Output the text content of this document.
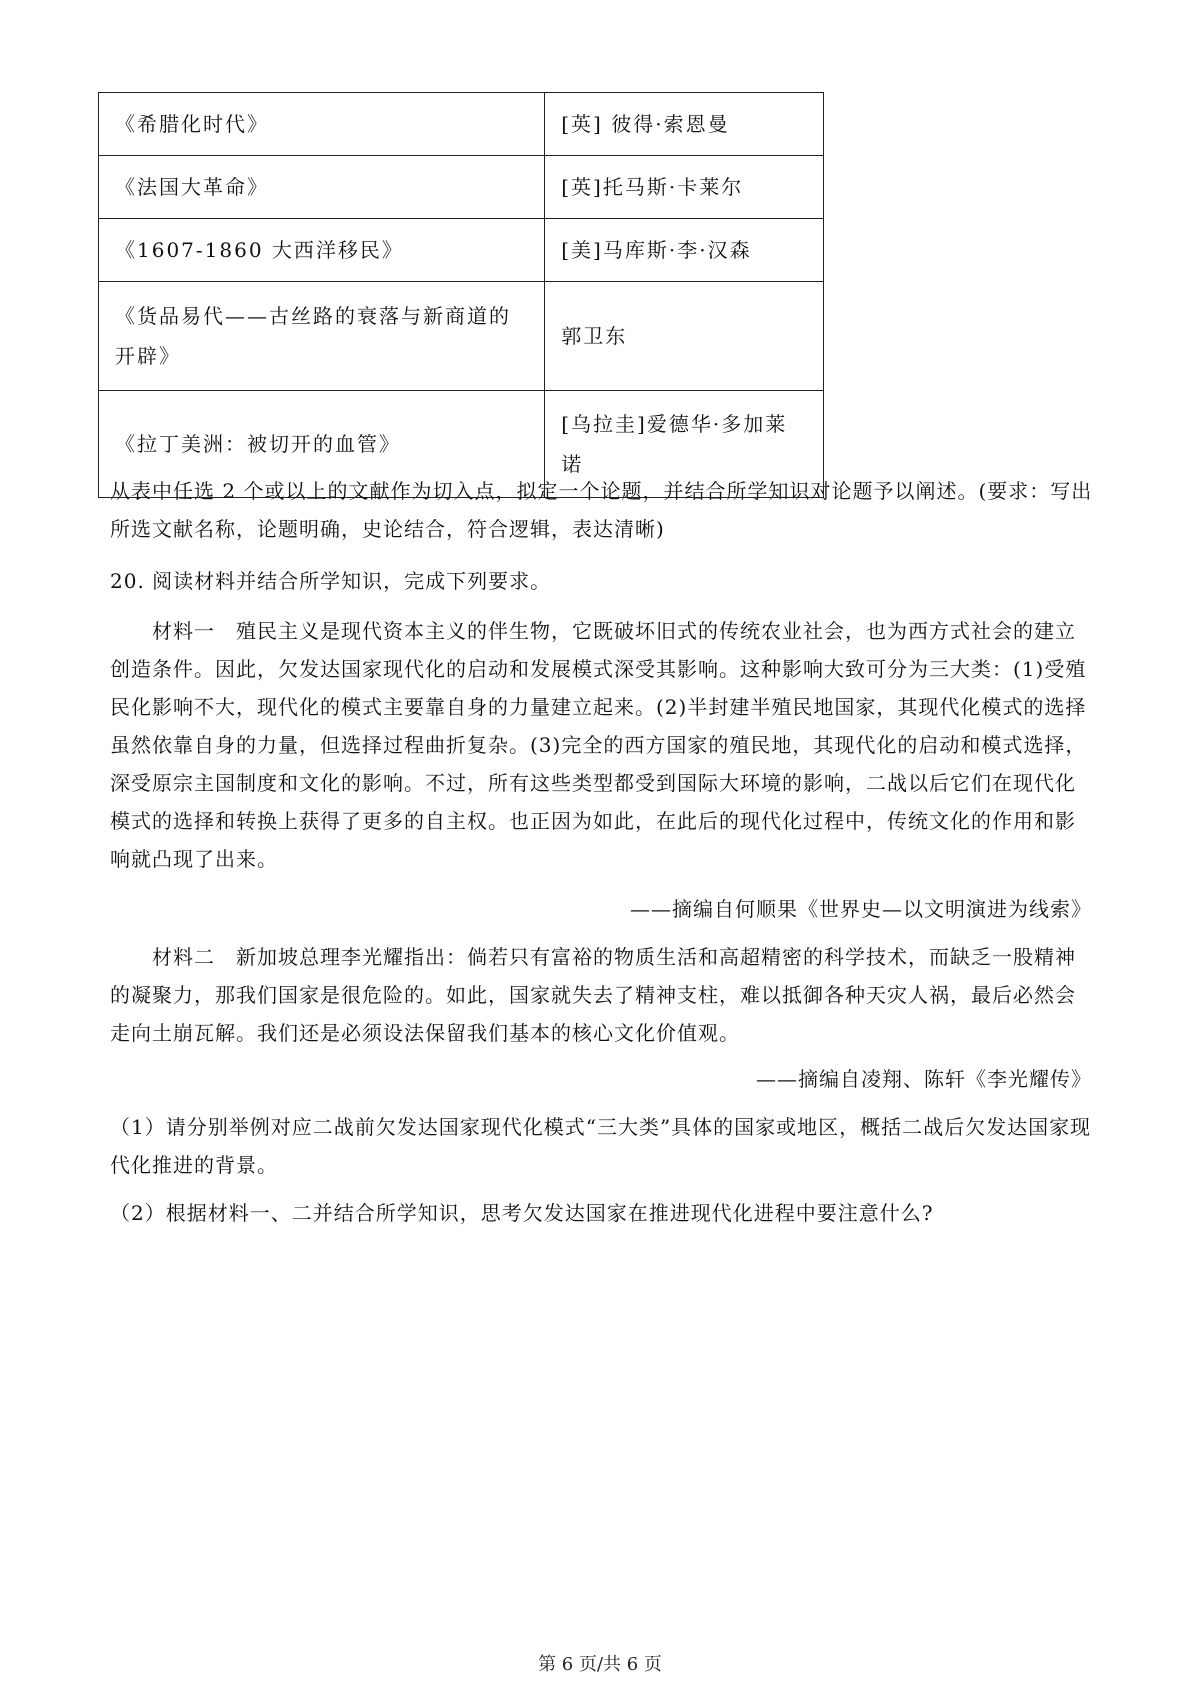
《希腊化时代》	[英] 彼得·索恩曼
《法国大革命》	[英]托马斯·卡莱尔
《1607-1860 大西洋移民》	[美]马库斯·李·汉森
《货品易代——古丝路的衰落与新商道的开辟》	郭卫东
《拉丁美洲：被切开的血管》	[乌拉圭]爱德华·多加莱诺

从表中任选 2 个或以上的文献作为切入点，拟定一个论题，并结合所学知识对论题予以阐述。(要求：写出所选文献名称，论题明确，史论结合，符合逻辑，表达清晰)

20. 阅读材料并结合所学知识，完成下列要求。

材料一　殖民主义是现代资本主义的伴生物，它既破坏旧式的传统农业社会，也为西方式社会的建立创造条件。因此，欠发达国家现代化的启动和发展模式深受其影响。这种影响大致可分为三大类：(1)受殖民化影响不大，现代化的模式主要靠自身的力量建立起来。(2)半封建半殖民地国家，其现代化模式的选择虽然依靠自身的力量，但选择过程曲折复杂。(3)完全的西方国家的殖民地，其现代化的启动和模式选择，深受原宗主国制度和文化的影响。不过，所有这些类型都受到国际大环境的影响，二战以后它们在现代化模式的选择和转换上获得了更多的自主权。也正因为如此，在此后的现代化过程中，传统文化的作用和影响就凸现了出来。

——摘编自何顺果《世界史—以文明演进为线索》

材料二　新加坡总理李光耀指出：倘若只有富裕的物质生活和高超精密的科学技术，而缺乏一股精神的凝聚力，那我们国家是很危险的。如此，国家就失去了精神支柱，难以抵御各种天灾人祸，最后必然会走向土崩瓦解。我们还是必须设法保留我们基本的核心文化价值观。

——摘编自凌翔、陈轩《李光耀传》

（1）请分别举例对应二战前欠发达国家现代化模式“三大类”具体的国家或地区，概括二战后欠发达国家现代化推进的背景。

（2）根据材料一、二并结合所学知识，思考欠发达国家在推进现代化进程中要注意什么?

第 6 页/共 6 页
